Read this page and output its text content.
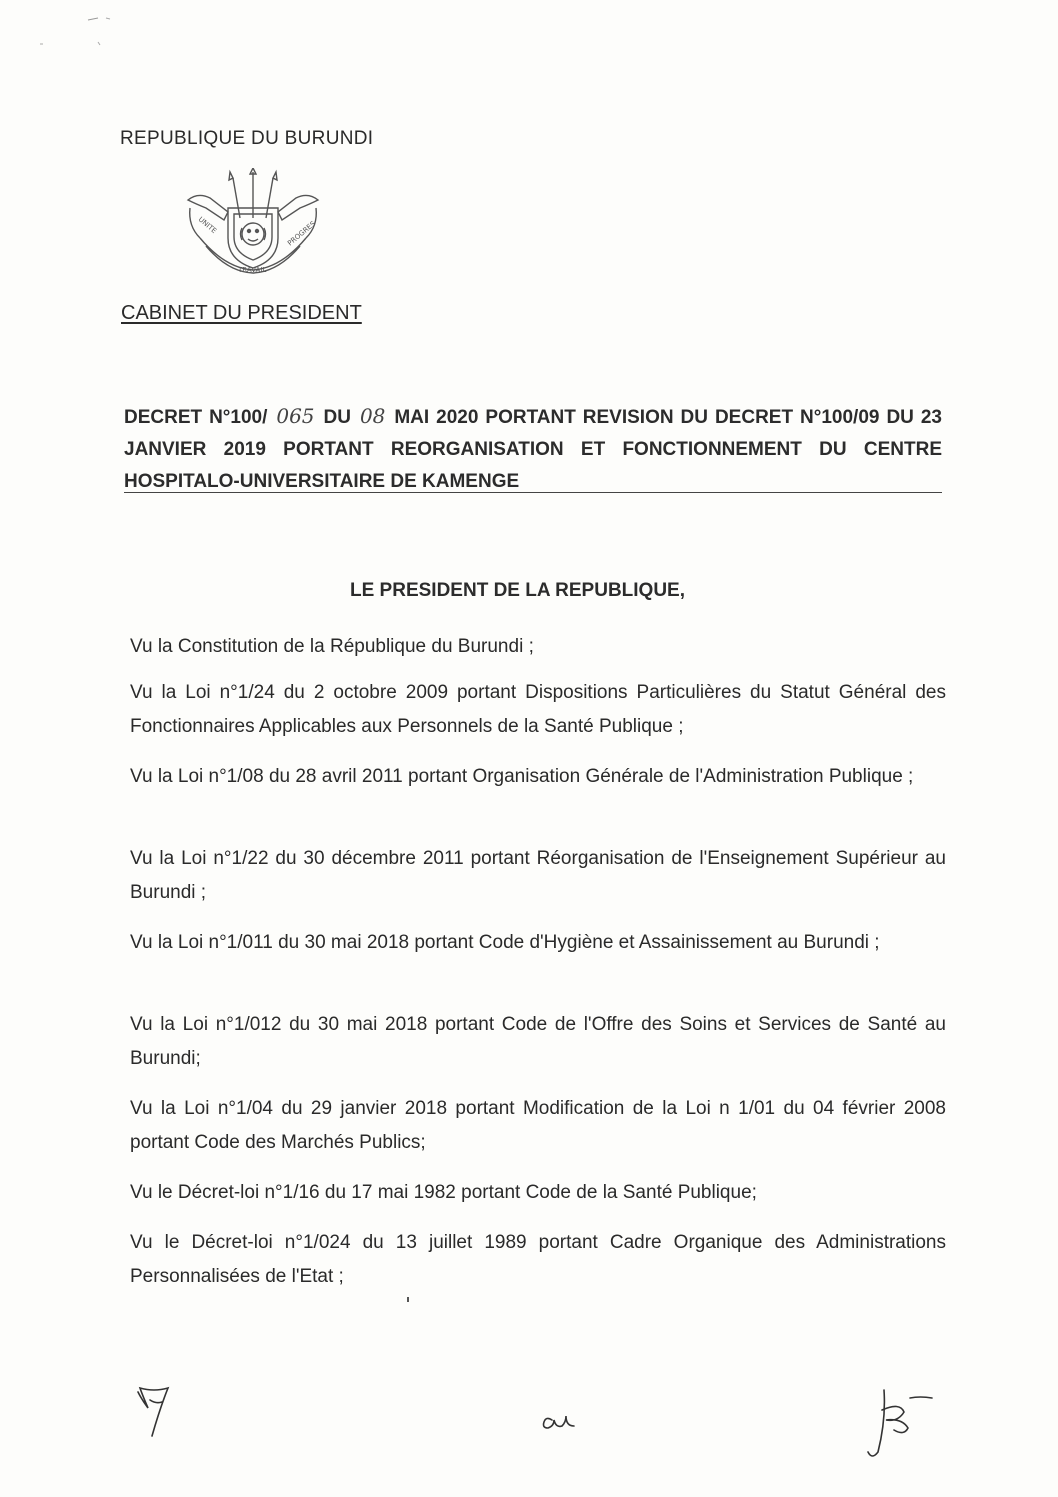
REPUBLIQUE DU BURUNDI
UNITE
TRAVAIL
PROGRES
CABINET DU PRESIDENT

DECRET N°100/ 065 DU 08 MAI 2020 PORTANT REVISION DU DECRET N°100/09 DU 23 JANVIER 2019 PORTANT REORGANISATION ET FONCTIONNEMENT DU CENTRE HOSPITALO-UNIVERSITAIRE DE KAMENGE

LE PRESIDENT DE LA REPUBLIQUE,
Vu la Constitution de la République du Burundi ;
Vu la Loi n°1/24 du 2 octobre 2009 portant Dispositions Particulières du Statut Général des Fonctionnaires Applicables aux Personnels de la Santé Publique ;
Vu la Loi n°1/08 du 28 avril 2011 portant Organisation Générale de l'Administration Publique ;
Vu la Loi n°1/22 du 30 décembre 2011 portant Réorganisation de l'Enseignement Supérieur au Burundi ;
Vu la Loi n°1/011 du 30 mai 2018 portant Code d'Hygiène et Assainissement au Burundi ;
Vu la Loi n°1/012 du 30 mai 2018 portant Code de l'Offre des Soins et Services de Santé au Burundi;
Vu la Loi n°1/04 du 29 janvier 2018 portant Modification de la Loi n 1/01 du 04 février 2008 portant Code des Marchés Publics;
Vu le Décret-loi n°1/16 du 17 mai 1982 portant Code de la Santé Publique;
Vu le Décret-loi n°1/024 du 13 juillet 1989 portant Cadre Organique des Administrations Personnalisées de l'Etat ;
